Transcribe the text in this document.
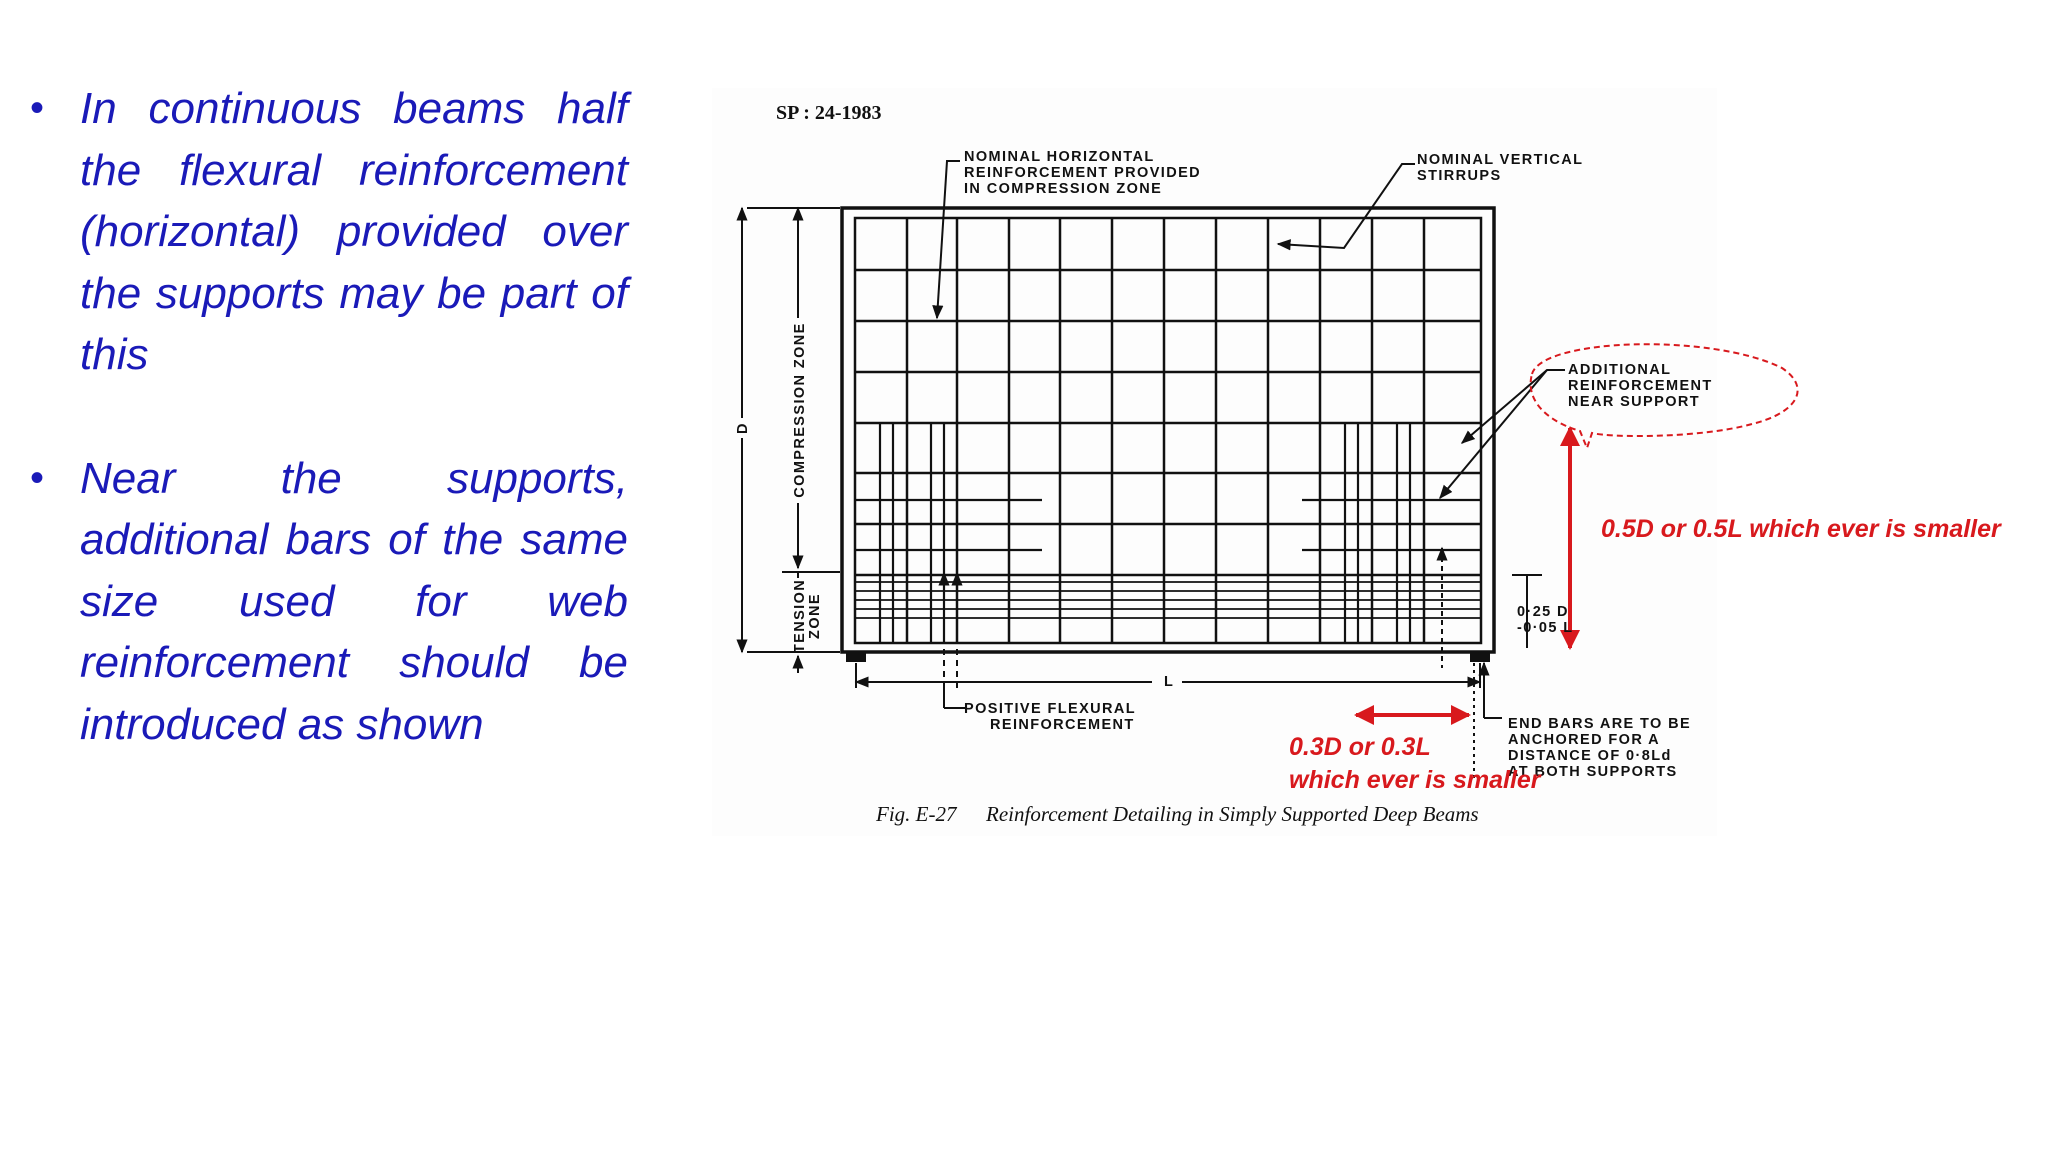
• In continuous beams half the flexural reinforcement (horizontal) provided over the supports may be part of this
• Near the supports, additional bars of the same size used for web reinforcement should be introduced as shown
SP : 24-1983
D	COMPRESSION ZONE
TENSION ZONE
NOMINAL HORIZONTAL
REINFORCEMENT PROVIDED
IN COMPRESSION ZONE
NOMINAL VERTICAL
STIRRUPS
ADDITIONAL
REINFORCEMENT
NEAR SUPPORT
0.5D or 0.5L which ever is smaller
0·25 D
-0·05 L
L
POSITIVE FLEXURAL
REINFORCEMENT	END BARS ARE TO BE
ANCHORED FOR A
DISTANCE OF 0·8Ld
AT BOTH SUPPORTS
0.3D or 0.3L
which ever is smaller
Fig. E-27 Reinforcement Detailing in Simply Supported Deep Beams
